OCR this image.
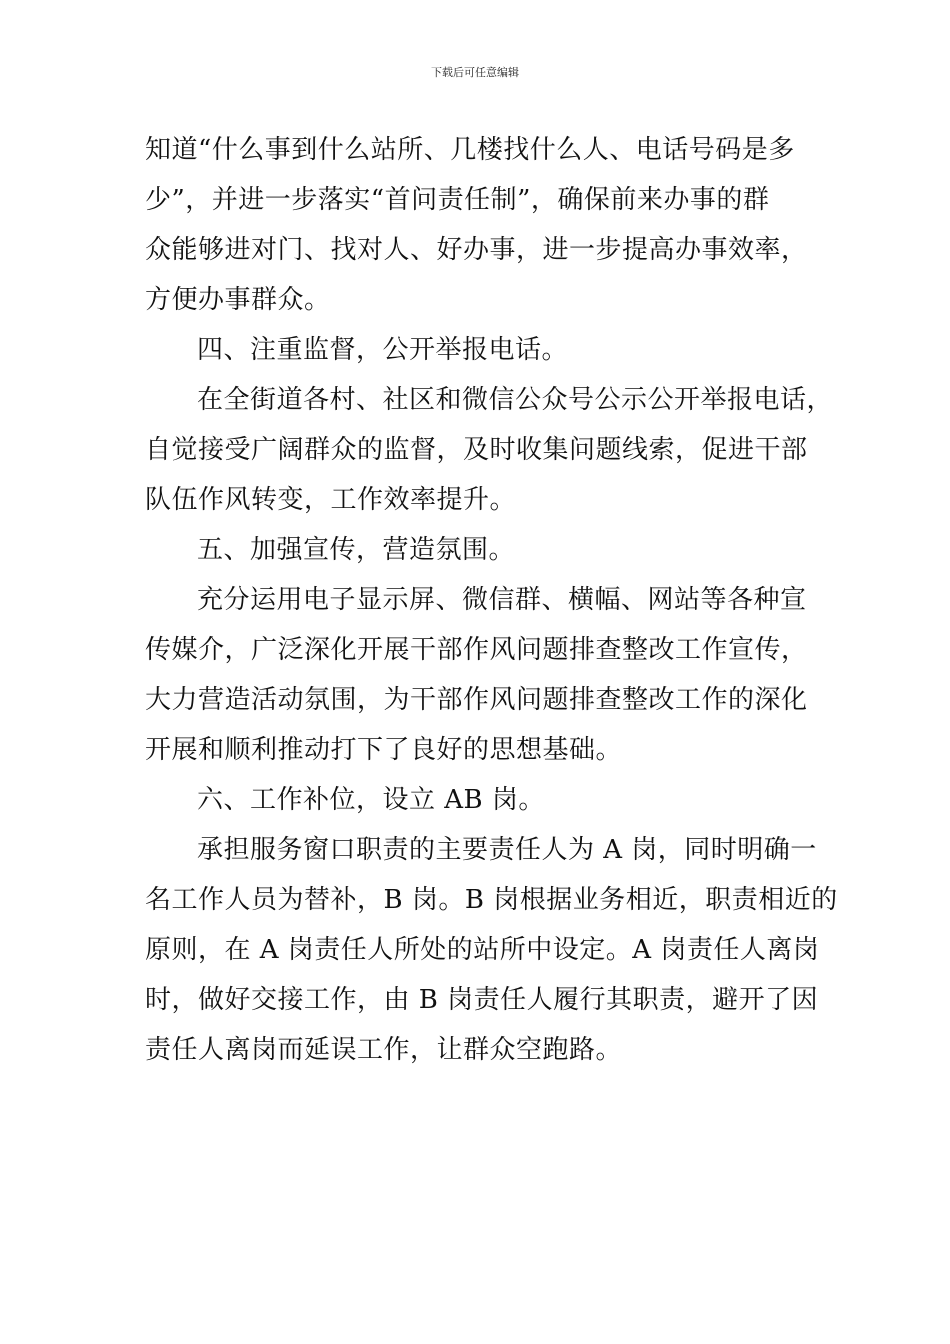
下载后可任意编辑
知道“什么事到什么站所、几楼找什么人、电话号码是多
少”，并进一步落实“首问责任制”，确保前来办事的群
众能够进对门、找对人、好办事，进一步提高办事效率，
方便办事群众。
四、注重监督，公开举报电话。
在全街道各村、社区和微信公众号公示公开举报电话，
自觉接受广阔群众的监督，及时收集问题线索，促进干部
队伍作风转变，工作效率提升。
五、加强宣传，营造氛围。
充分运用电子显示屏、微信群、横幅、网站等各种宣
传媒介，广泛深化开展干部作风问题排查整改工作宣传，
大力营造活动氛围，为干部作风问题排查整改工作的深化
开展和顺利推动打下了良好的思想基础。
六、工作补位，设立 AB 岗。
承担服务窗口职责的主要责任人为 A 岗，同时明确一
名工作人员为替补，B 岗。B 岗根据业务相近，职责相近的
原则，在 A 岗责任人所处的站所中设定。A 岗责任人离岗
时，做好交接工作，由 B 岗责任人履行其职责，避开了因
责任人离岗而延误工作，让群众空跑路。
